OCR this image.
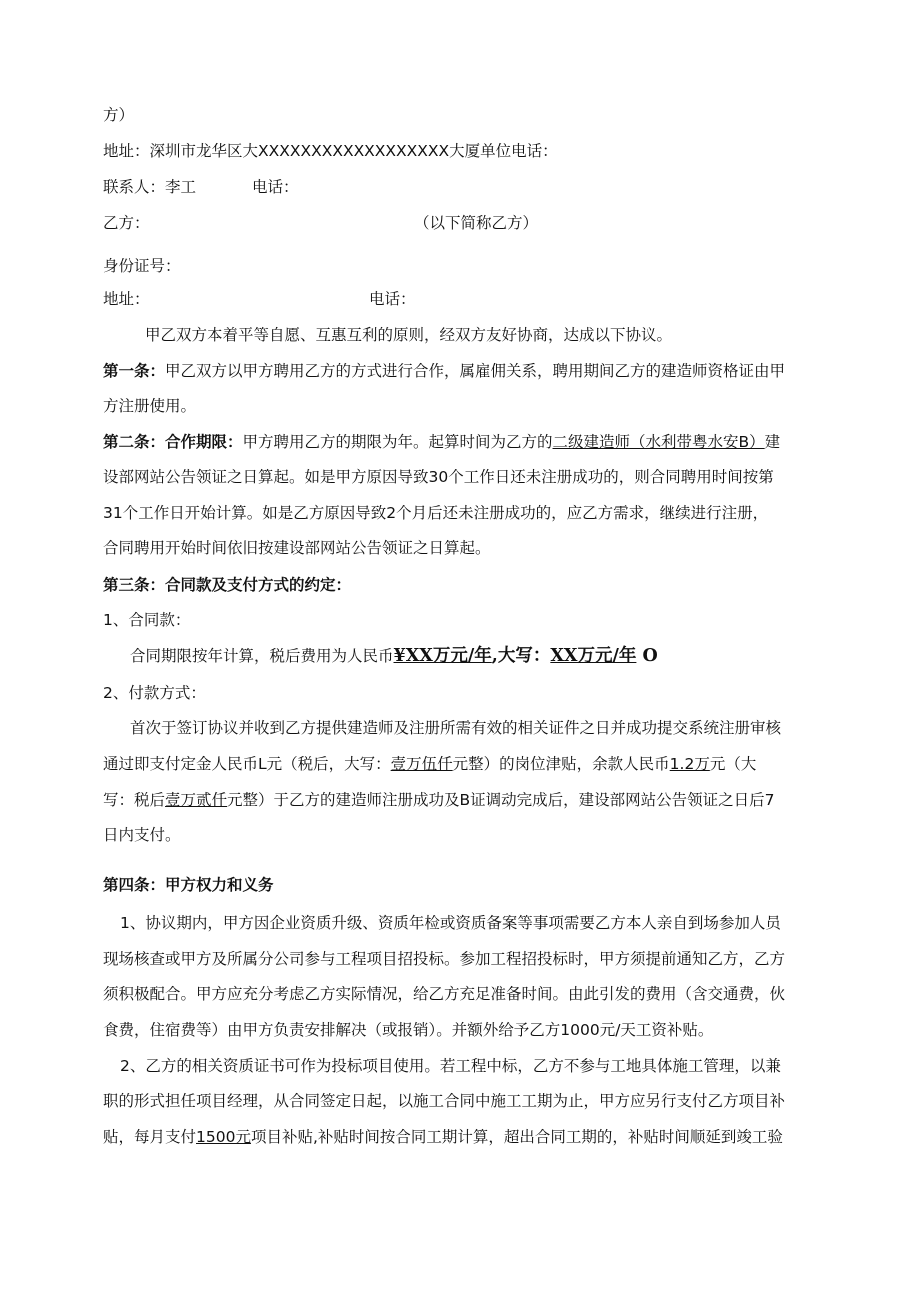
方）
地址：深圳市龙华区大XXXXXXXXXXXXXXXXXX大厦单位电话：
联系人：李工	电话：
乙方：	（以下简称乙方）
身份证号：
地址：	电话：
甲乙双方本着平等自愿、互惠互利的原则，经双方友好协商，达成以下协议。
第一条：甲乙双方以甲方聘用乙方的方式进行合作，属雇佣关系，聘用期间乙方的建造师资格证由甲
方注册使用。
第二条：合作期限：甲方聘用乙方的期限为年。起算时间为乙方的二级建造师（水利带粤水安B）建
设部网站公告领证之日算起。如是甲方原因导致30个工作日还未注册成功的，则合同聘用时间按第
31个工作日开始计算。如是乙方原因导致2个月后还未注册成功的，应乙方需求，继续进行注册，
合同聘用开始时间依旧按建设部网站公告领证之日算起。
第三条：合同款及支付方式的约定：
1、合同款：
合同期限按年计算，税后费用为人民币¥XX万元/年,大写：XX万元/年 O
2、付款方式：
首次于签订协议并收到乙方提供建造师及注册所需有效的相关证件之日并成功提交系统注册审核
通过即支付定金人民币L元（税后，大写：壹万伍仟元整）的岗位津贴，余款人民币1.2万元（大
写：税后壹万贰仟元整）于乙方的建造师注册成功及B证调动完成后，建设部网站公告领证之日后7
日内支付。
第四条：甲方权力和义务
1、协议期内，甲方因企业资质升级、资质年检或资质备案等事项需要乙方本人亲自到场参加人员
现场核查或甲方及所属分公司参与工程项目招投标。参加工程招投标时，甲方须提前通知乙方，乙方
须积极配合。甲方应充分考虑乙方实际情况，给乙方充足准备时间。由此引发的费用（含交通费，伙
食费，住宿费等）由甲方负责安排解决（或报销）。并额外给予乙方1000元/天工资补贴。
2、乙方的相关资质证书可作为投标项目使用。若工程中标，乙方不参与工地具体施工管理，以兼
职的形式担任项目经理，从合同签定日起，以施工合同中施工工期为止，甲方应另行支付乙方项目补
贴，每月支付1500元项目补贴,补贴时间按合同工期计算，超出合同工期的，补贴时间顺延到竣工验
